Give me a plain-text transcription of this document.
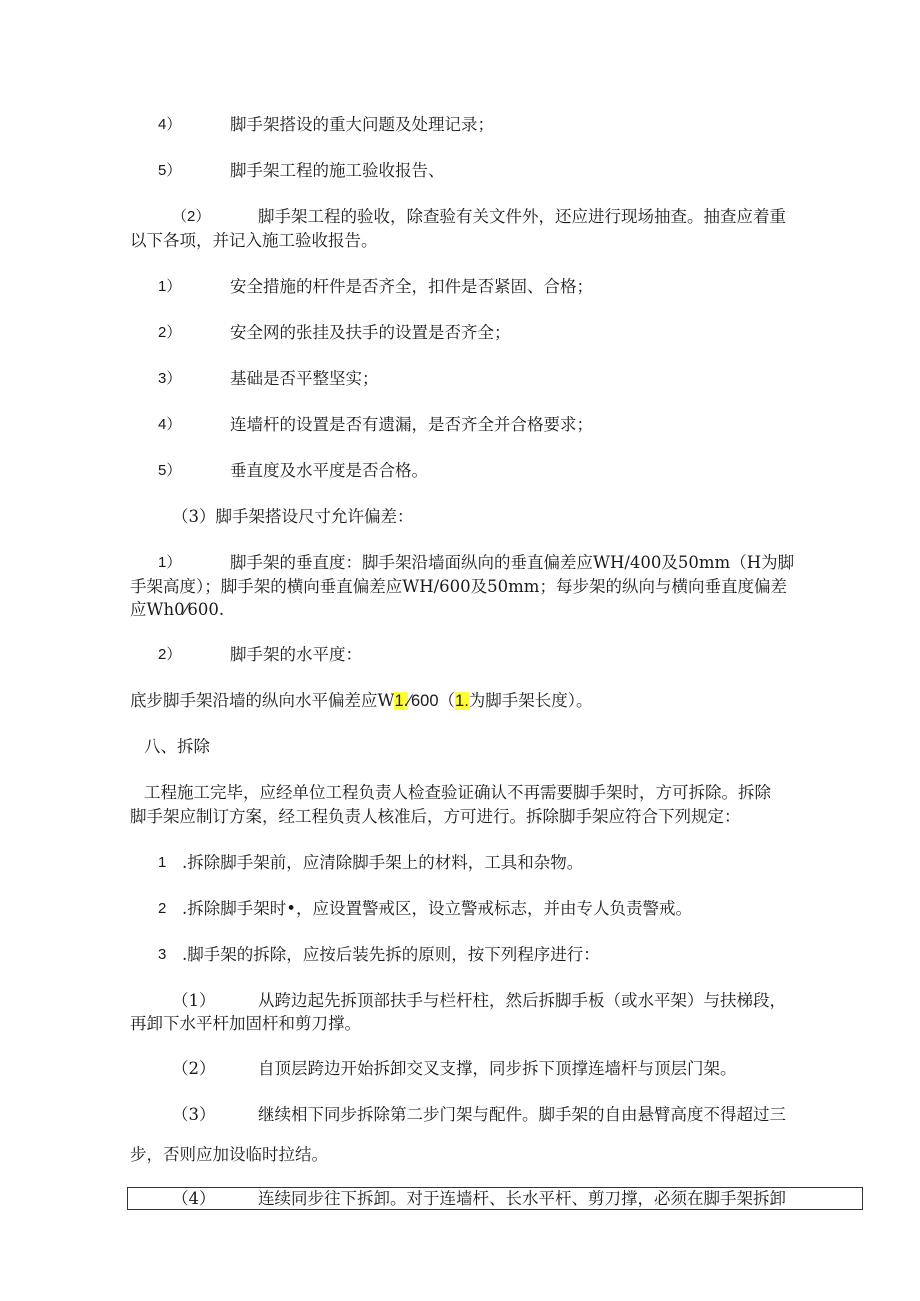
4）	脚手架搭设的重大问题及处理记录；
5）	脚手架工程的施工验收报告、
（2）	脚手架工程的验收，除查验有关文件外，还应进行现场抽查。抽查应着重
以下各项，并记入施工验收报告。
1）	安全措施的杆件是否齐全，扣件是否紧固、合格；
2）	安全网的张挂及扶手的设置是否齐全；
3）	基础是否平整坚实；
4）	连墙杆的设置是否有遗漏，是否齐全并合格要求；
5）	垂直度及水平度是否合格。
（3）脚手架搭设尺寸允许偏差：
1）	脚手架的垂直度：脚手架沿墙面纵向的垂直偏差应WH/400及50mm（H为脚
手架高度）；脚手架的横向垂直偏差应WH/600及50mm；每步架的纵向与横向垂直度偏差
应Wh0⁄600.
2）	脚手架的水平度：
底步脚手架沿墙的纵向水平偏差应W1.⁄600（1.为脚手架长度）。
八、拆除
工程施工完毕，应经单位工程负责人检查验证确认不再需要脚手架时，方可拆除。拆除
脚手架应制订方案，经工程负责人核准后，方可进行。拆除脚手架应符合下列规定：
1 .拆除脚手架前，应清除脚手架上的材料，工具和杂物。
2 .拆除脚手架时•，应设置警戒区，设立警戒标志，并由专人负责警戒。
3 .脚手架的拆除，应按后装先拆的原则，按下列程序进行：
（1）	从跨边起先拆顶部扶手与栏杆柱，然后拆脚手板（或水平架）与扶梯段，
再卸下水平杆加固杆和剪刀撑。
（2）	自顶层跨边开始拆卸交叉支撑，同步拆下顶撑连墙杆与顶层门架。
（3）	继续相下同步拆除第二步门架与配件。脚手架的自由悬臂高度不得超过三
步，否则应加设临时拉结。
（4）	连续同步往下拆卸。对于连墙杆、长水平杆、剪刀撑，必须在脚手架拆卸
